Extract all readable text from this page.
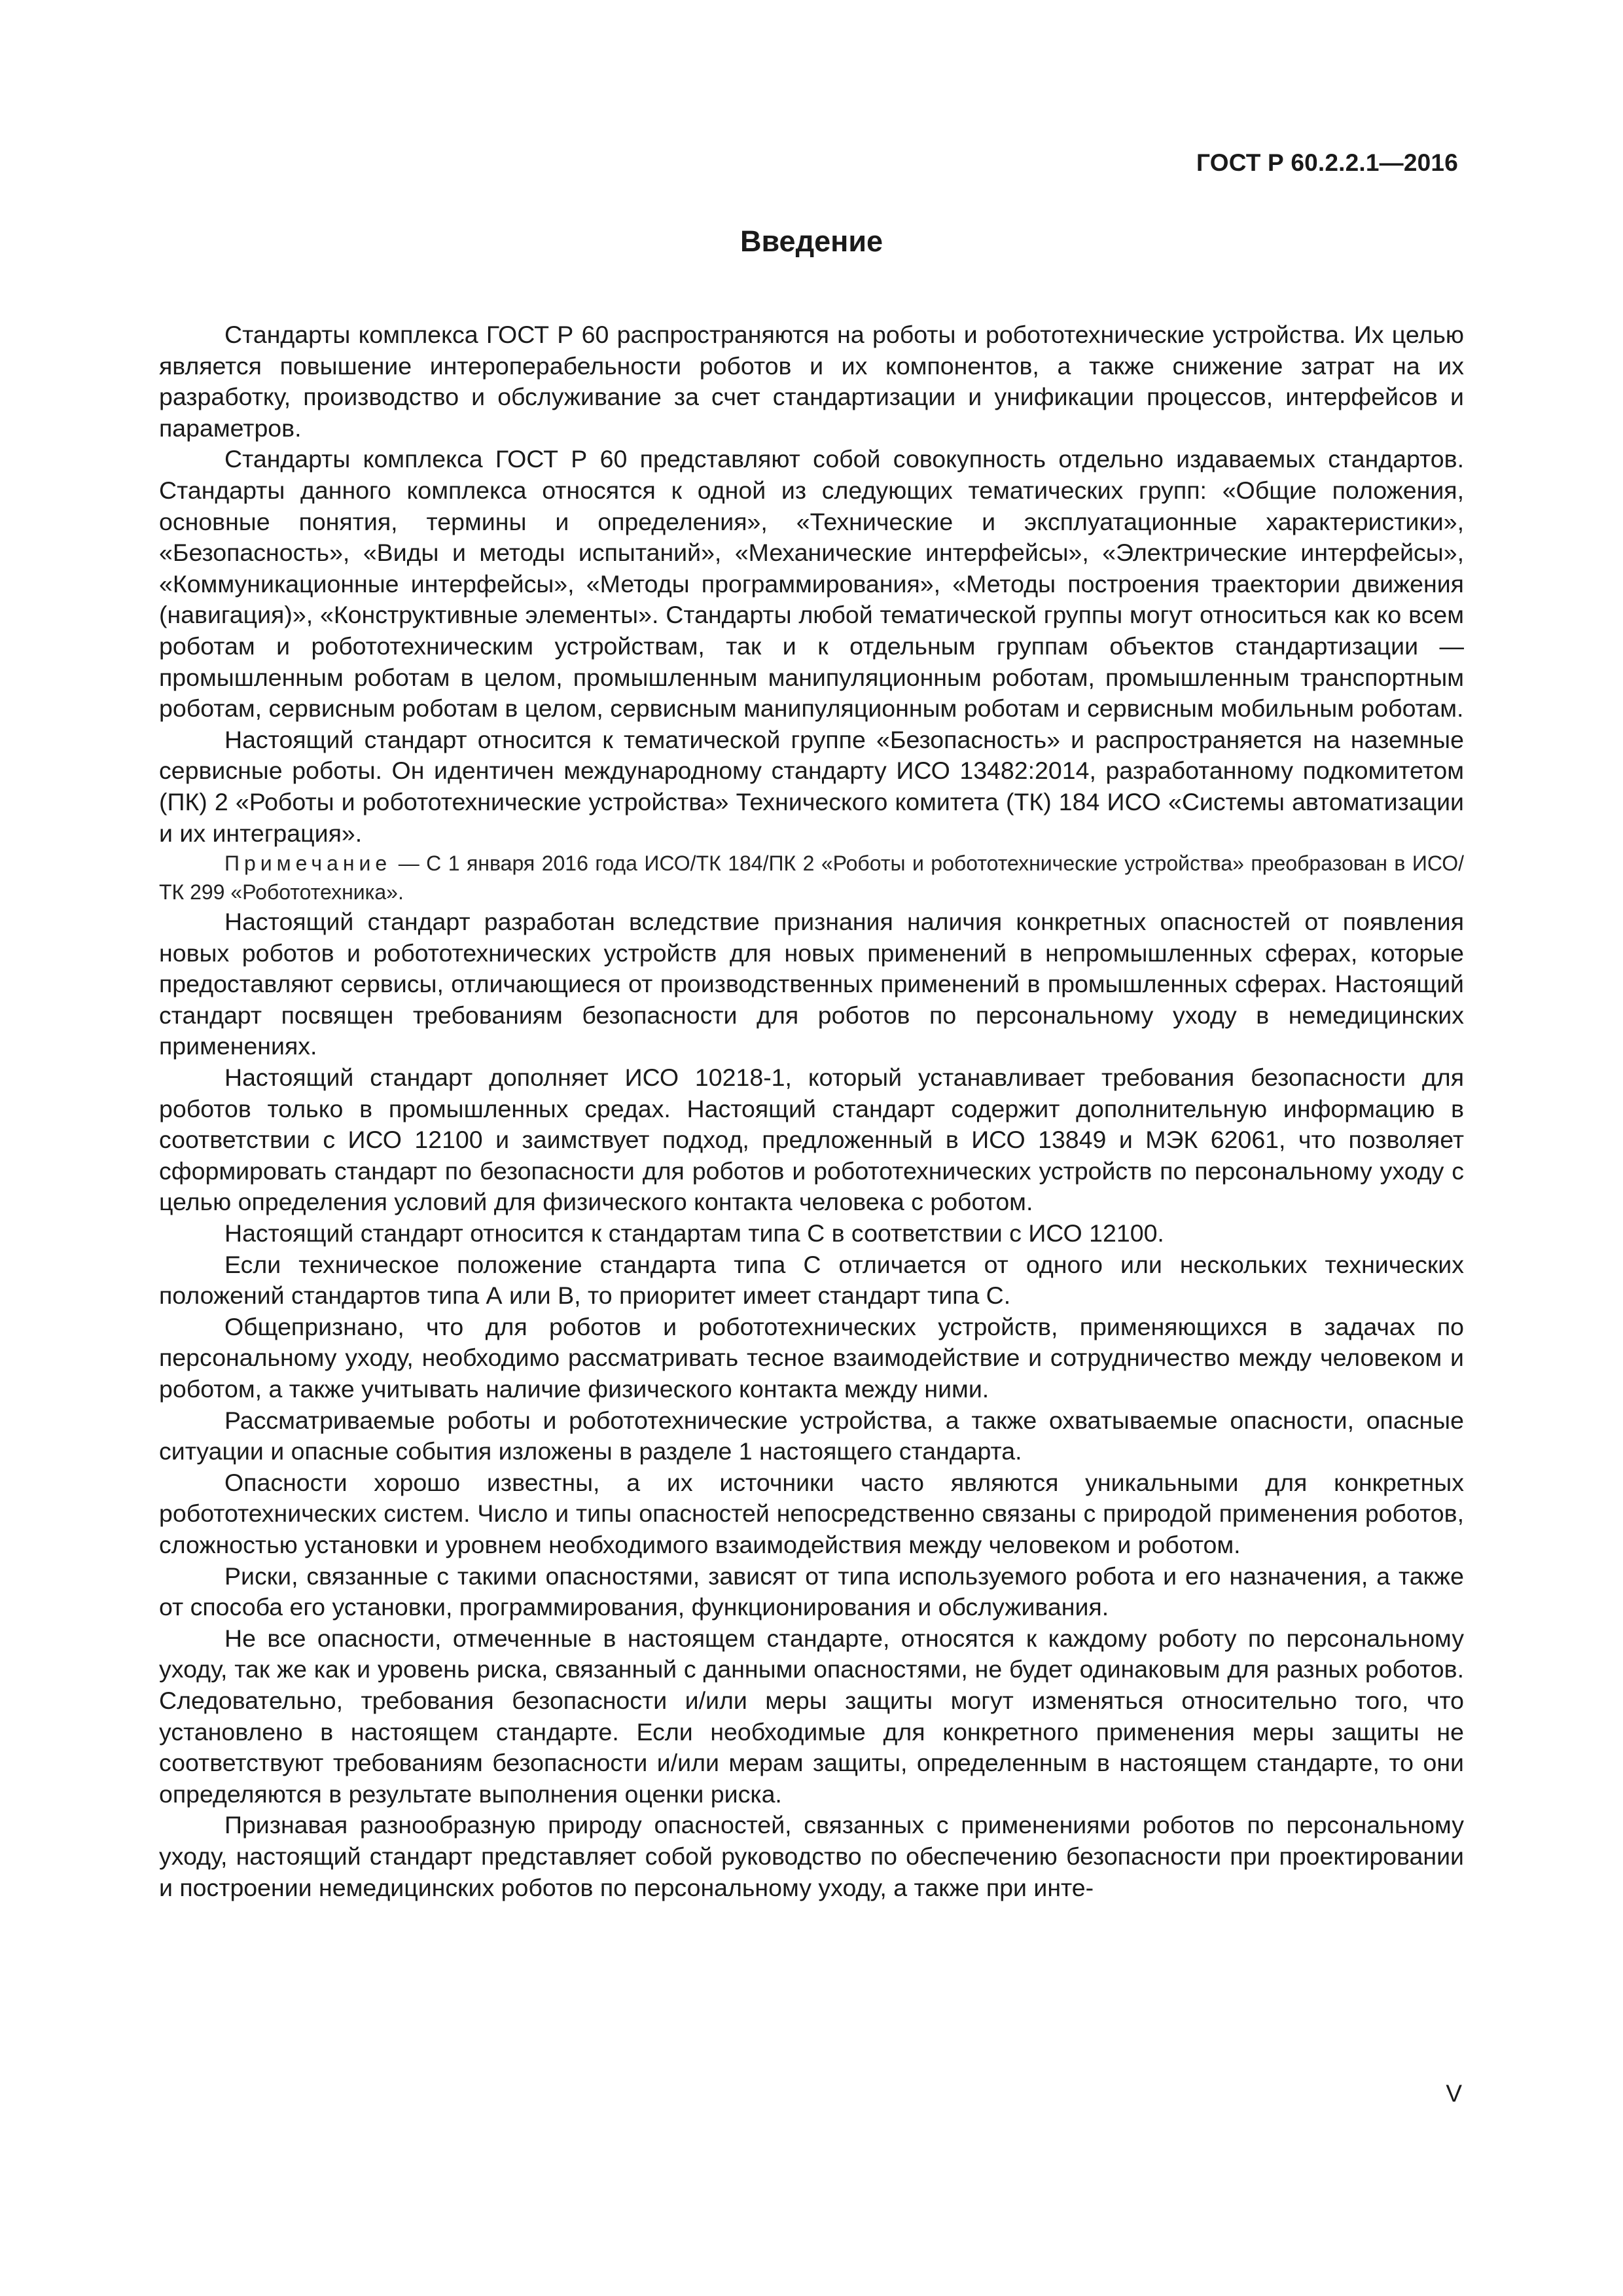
ГОСТ Р 60.2.2.1—2016
Введение

Стандарты комплекса ГОСТ Р 60 распространяются на роботы и робототехнические устройства. Их целью является повышение интероперабельности роботов и их компонентов, а также снижение затрат на их разработку, производство и обслуживание за счет стандартизации и унификации процессов, интерфейсов и параметров.

Стандарты комплекса ГОСТ Р 60 представляют собой совокупность отдельно издаваемых стандартов. Стандарты данного комплекса относятся к одной из следующих тематических групп: «Общие положения, основные понятия, термины и определения», «Технические и эксплуатационные характеристики», «Безопасность», «Виды и методы испытаний», «Механические интерфейсы», «Электрические интерфейсы», «Коммуникационные интерфейсы», «Методы программирования», «Методы построения траектории движения (навигация)», «Конструктивные элементы». Стандарты любой тематической группы могут относиться как ко всем роботам и робототехническим устройствам, так и к отдельным группам объектов стандартизации — промышленным роботам в целом, промышленным манипуляционным роботам, промышленным транспортным роботам, сервисным роботам в целом, сервисным манипуляционным роботам и сервисным мобильным роботам.

Настоящий стандарт относится к тематической группе «Безопасность» и распространяется на наземные сервисные роботы. Он идентичен международному стандарту ИСО 13482:2014, разработанному подкомитетом (ПК) 2 «Роботы и робототехнические устройства» Технического комитета (ТК) 184 ИСО «Системы автоматизации и их интеграция».

Примечание — С 1 января 2016 года ИСО/ТК 184/ПК 2 «Роботы и робототехнические устройства» преобразован в ИСО/ТК 299 «Робототехника».

Настоящий стандарт разработан вследствие признания наличия конкретных опасностей от появления новых роботов и робототехнических устройств для новых применений в непромышленных сферах, которые предоставляют сервисы, отличающиеся от производственных применений в промышленных сферах. Настоящий стандарт посвящен требованиям безопасности для роботов по персональному уходу в немедицинских применениях.

Настоящий стандарт дополняет ИСО 10218-1, который устанавливает требования безопасности для роботов только в промышленных средах. Настоящий стандарт содержит дополнительную информацию в соответствии с ИСО 12100 и заимствует подход, предложенный в ИСО 13849 и МЭК 62061, что позволяет сформировать стандарт по безопасности для роботов и робототехнических устройств по персональному уходу с целью определения условий для физического контакта человека с роботом.

Настоящий стандарт относится к стандартам типа С в соответствии с ИСО 12100.

Если техническое положение стандарта типа С отличается от одного или нескольких технических положений стандартов типа А или В, то приоритет имеет стандарт типа С.

Общепризнано, что для роботов и робототехнических устройств, применяющихся в задачах по персональному уходу, необходимо рассматривать тесное взаимодействие и сотрудничество между человеком и роботом, а также учитывать наличие физического контакта между ними.

Рассматриваемые роботы и робототехнические устройства, а также охватываемые опасности, опасные ситуации и опасные события изложены в разделе 1 настоящего стандарта.

Опасности хорошо известны, а их источники часто являются уникальными для конкретных робототехнических систем. Число и типы опасностей непосредственно связаны с природой применения роботов, сложностью установки и уровнем необходимого взаимодействия между человеком и роботом.

Риски, связанные с такими опасностями, зависят от типа используемого робота и его назначения, а также от способа его установки, программирования, функционирования и обслуживания.

Не все опасности, отмеченные в настоящем стандарте, относятся к каждому роботу по персональному уходу, так же как и уровень риска, связанный с данными опасностями, не будет одинаковым для разных роботов. Следовательно, требования безопасности и/или меры защиты могут изменяться относительно того, что установлено в настоящем стандарте. Если необходимые для конкретного применения меры защиты не соответствуют требованиям безопасности и/или мерам защиты, определенным в настоящем стандарте, то они определяются в результате выполнения оценки риска.

Признавая разнообразную природу опасностей, связанных с применениями роботов по персональному уходу, настоящий стандарт представляет собой руководство по обеспечению безопасности при проектировании и построении немедицинских роботов по персональному уходу, а также при инте-

V
